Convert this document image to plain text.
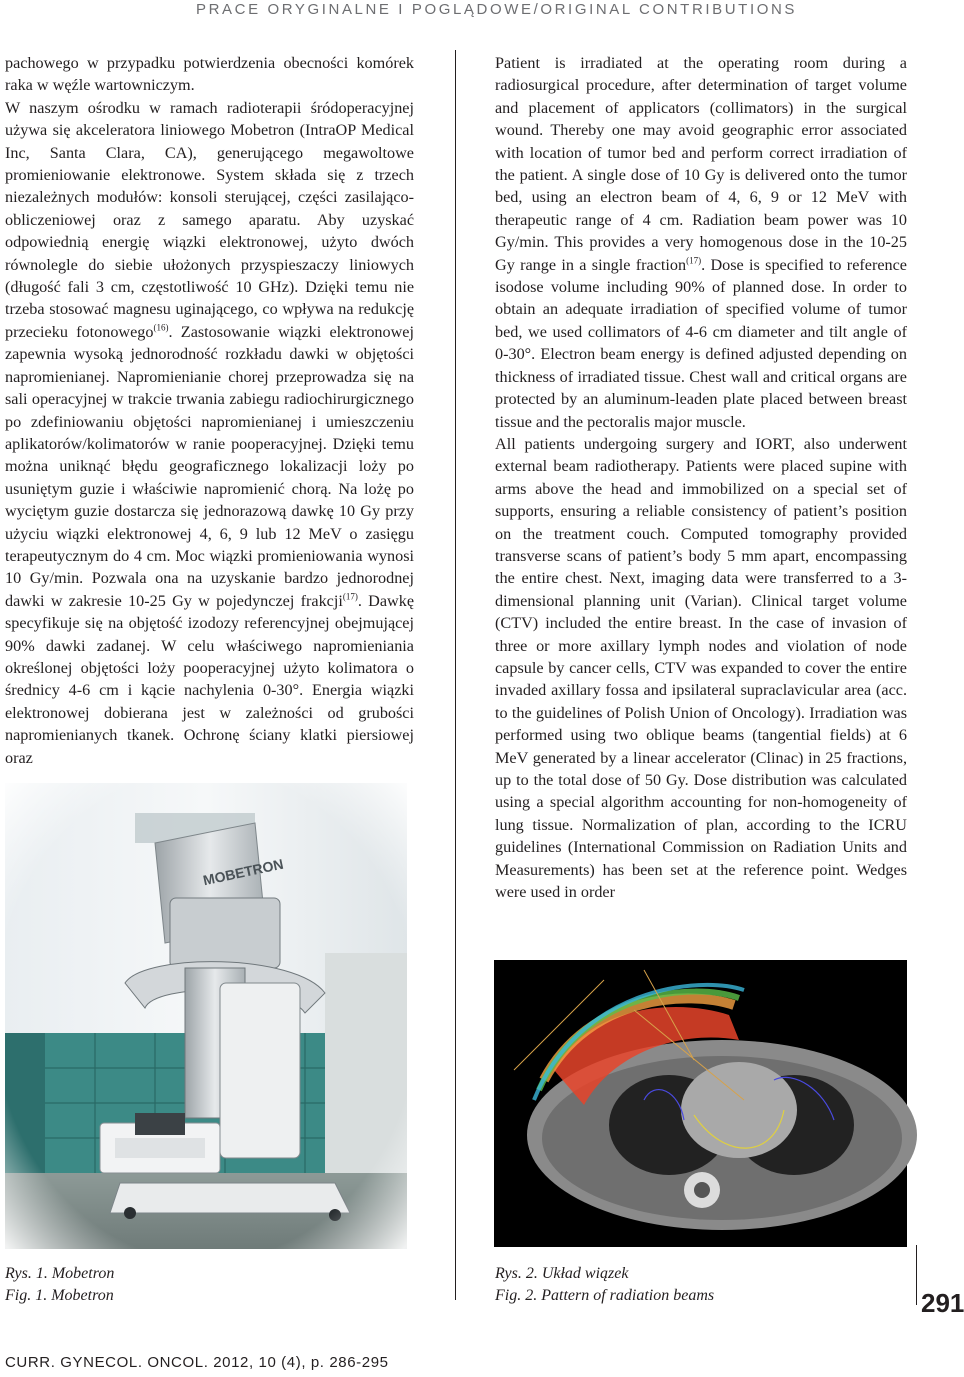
PRACE ORYGINALNE I POGLĄDOWE/ORIGINAL CONTRIBUTIONS

pachowego w przypadku potwierdzenia obecności komórek raka w węźle wartowniczym.

W naszym ośrodku w ramach radioterapii śródoperacyjnej używa się akceleratora liniowego Mobetron (IntraOP Medical Inc, Santa Clara, CA), generującego megawoltowe promieniowanie elektronowe. System składa się z trzech niezależnych modułów: konsoli sterującej, części zasilająco-obliczeniowej oraz z samego aparatu. Aby uzyskać odpowiednią energię wiązki elektronowej, użyto dwóch równolegle do siebie ułożonych przyspieszaczy liniowych (długość fali 3 cm, częstotliwość 10 GHz). Dzięki temu nie trzeba stosować magnesu uginającego, co wpływa na redukcję przecieku fotonowego$^{(16)}$. Zastosowanie wiązki elektronowej zapewnia wysoką jednorodność rozkładu dawki w objętości napromienianej. Napromienianie chorej przeprowadza się na sali operacyjnej w trakcie trwania zabiegu radiochirurgicznego po zdefiniowaniu objętości napromienianej i umieszczeniu aplikatorów/kolimatorów w ranie pooperacyjnej. Dzięki temu można uniknąć błędu geograficznego lokalizacji loży po usuniętym guzie i właściwie napromienić chorą. Na lożę po wyciętym guzie dostarcza się jednorazową dawkę 10 Gy przy użyciu wiązki elektronowej 4, 6, 9 lub 12 MeV o zasięgu terapeutycznym do 4 cm. Moc wiązki promieniowania wynosi 10 Gy/min. Pozwala ona na uzyskanie bardzo jednorodnej dawki w zakresie 10-25 Gy w pojedynczej frakcji$^{(17)}$. Dawkę specyfikuje się na objętość izodozy referencyjnej obejmującej 90% dawki zadanej. W celu właściwego napromieniania określonej objętości loży pooperacyjnej użyto kolimatora o średnicy 4-6 cm i kącie nachylenia 0-30°. Energia wiązki elektronowej dobierana jest w zależności od grubości napromienianych tkanek. Ochronę ściany klatki piersiowej oraz

Patient is irradiated at the operating room during a radiosurgical procedure, after determination of target volume and placement of applicators (collimators) in the surgical wound. Thereby one may avoid geographic error associated with location of tumor bed and perform correct irradiation of the patient. A single dose of 10 Gy is delivered onto the tumor bed, using an electron beam of 4, 6, 9 or 12 MeV with therapeutic range of 4 cm. Radiation beam power was 10 Gy/min. This provides a very homogenous dose in the 10-25 Gy range in a single fraction$^{(17)}$. Dose is specified to reference isodose volume including 90% of planned dose. In order to obtain an adequate irradiation of specified volume of tumor bed, we used collimators of 4-6 cm diameter and tilt angle of 0-30°. Electron beam energy is defined adjusted depending on thickness of irradiated tissue. Chest wall and critical organs are protected by an aluminum-leaden plate placed between breast tissue and the pectoralis major muscle.

All patients undergoing surgery and IORT, also underwent external beam radiotherapy. Patients were placed supine with arms above the head and immobilized on a special set of supports, ensuring a reliable consistency of patient’s position on the treatment couch. Computed tomography provided transverse scans of patient’s body 5 mm apart, encompassing the entire chest. Next, imaging data were transferred to a 3-dimensional planning unit (Varian). Clinical target volume (CTV) included the entire breast. In the case of invasion of three or more axillary lymph nodes and violation of node capsule by cancer cells, CTV was expanded to cover the entire invaded axillary fossa and ipsilateral supraclavicular area (acc. to the guidelines of Polish Union of Oncology). Irradiation was performed using two oblique beams (tangential fields) at 6 MeV generated by a linear accelerator (Clinac) in 25 fractions, up to the total dose of 50 Gy. Dose distribution was calculated using a special algorithm accounting for non-homogeneity of lung tissue. Normalization of plan, according to the ICRU guidelines (International Commission on Radiation Units and Measurements) has been set at the reference point. Wedges were used in order

Rys. 1. Mobetron
Fig. 1. Mobetron
Rys. 2. Układ wiązek
Fig. 2. Pattern of radiation beams	291
CURR. GYNECOL. ONCOL. 2012, 10 (4), p. 286-295
